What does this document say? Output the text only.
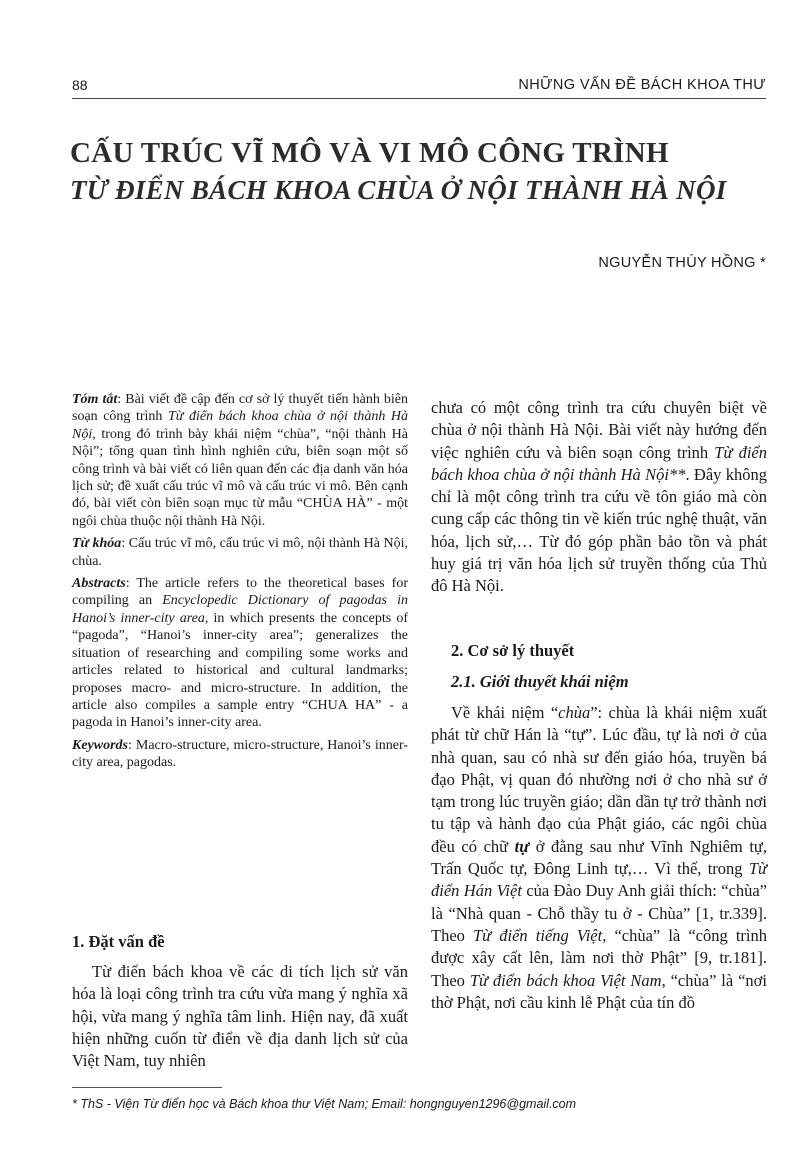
88	NHỮNG VẤN ĐỀ BÁCH KHOA THƯ
CẤU TRÚC VĨ MÔ VÀ VI MÔ CÔNG TRÌNH
TỪ ĐIỂN BÁCH KHOA CHÙA Ở NỘI THÀNH HÀ NỘI
NGUYỄN THÚY HỒNG *

Tóm tắt: Bài viết đề cập đến cơ sở lý thuyết tiến hành biên soạn công trình Từ điển bách khoa chùa ở nội thành Hà Nội, trong đó trình bày khái niệm “chùa”, “nội thành Hà Nội”; tổng quan tình hình nghiên cứu, biên soạn một số công trình và bài viết có liên quan đến các địa danh văn hóa lịch sử; đề xuất cấu trúc vĩ mô và cấu trúc vi mô. Bên cạnh đó, bài viết còn biên soạn mục từ mẫu “CHÙA HÀ” - một ngôi chùa thuộc nội thành Hà Nội.

Từ khóa: Cấu trúc vĩ mô, cấu trúc vi mô, nội thành Hà Nội, chùa.

Abstracts: The article refers to the theoretical bases for compiling an Encyclopedic Dictionary of pagodas in Hanoi’s inner-city area, in which presents the concepts of “pagoda”, “Hanoi’s inner-city area”; generalizes the situation of researching and compiling some works and articles related to historical and cultural landmarks; proposes macro- and micro-structure. In addition, the article also compiles a sample entry “CHUA HA” - a pagoda in Hanoi’s inner-city area.

Keywords: Macro-structure, micro-structure, Hanoi’s inner-city area, pagodas.

1. Đặt vấn đề

Từ điển bách khoa về các di tích lịch sử văn hóa là loại công trình tra cứu vừa mang ý nghĩa xã hội, vừa mang ý nghĩa tâm linh. Hiện nay, đã xuất hiện những cuốn từ điển về địa danh lịch sử của Việt Nam, tuy nhiên

chưa có một công trình tra cứu chuyên biệt về chùa ở nội thành Hà Nội. Bài viết này hướng đến việc nghiên cứu và biên soạn công trình Từ điển bách khoa chùa ở nội thành Hà Nội**. Đây không chỉ là một công trình tra cứu về tôn giáo mà còn cung cấp các thông tin về kiến trúc nghệ thuật, văn hóa, lịch sử,… Từ đó góp phần bảo tồn và phát huy giá trị văn hóa lịch sử truyền thống của Thủ đô Hà Nội.

2. Cơ sở lý thuyết
2.1. Giới thuyết khái niệm

Về khái niệm “chùa”: chùa là khái niệm xuất phát từ chữ Hán là “tự”. Lúc đầu, tự là nơi ở của nhà quan, sau có nhà sư đến giáo hóa, truyền bá đạo Phật, vị quan đó nhường nơi ở cho nhà sư ở tạm trong lúc truyền giáo; dần dần tự trở thành nơi tu tập và hành đạo của Phật giáo, các ngôi chùa đều có chữ tự ở đằng sau như Vĩnh Nghiêm tự, Trấn Quốc tự, Đông Linh tự,… Vì thế, trong Từ điển Hán Việt của Đào Duy Anh giải thích: “chùa” là “Nhà quan - Chỗ thầy tu ở - Chùa” [1, tr.339]. Theo Từ điển tiếng Việt, “chùa” là “công trình được xây cất lên, làm nơi thờ Phật” [9, tr.181]. Theo Từ điển bách khoa Việt Nam, “chùa” là “nơi thờ Phật, nơi cầu kinh lễ Phật của tín đồ

* ThS - Viện Từ điển học và Bách khoa thư Việt Nam; Email: hongnguyen1296@gmail.com
